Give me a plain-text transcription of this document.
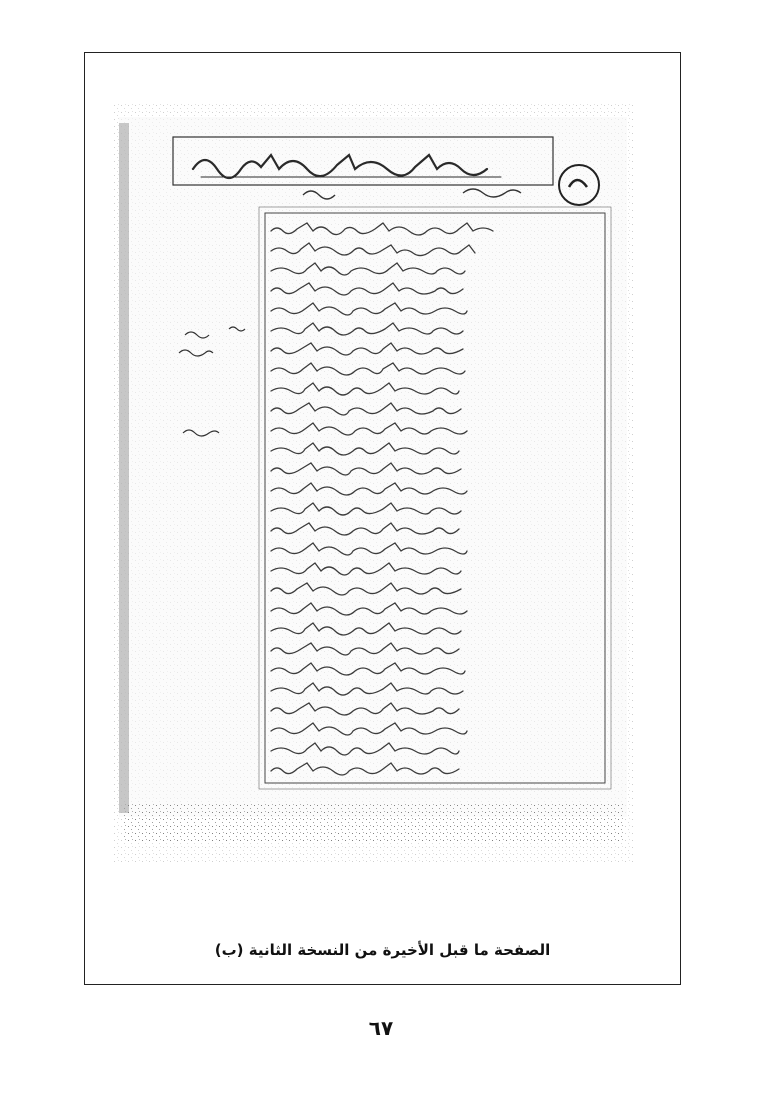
الصفحة ما قبل الأخيرة من النسخة الثانية (ب)
٦٧
